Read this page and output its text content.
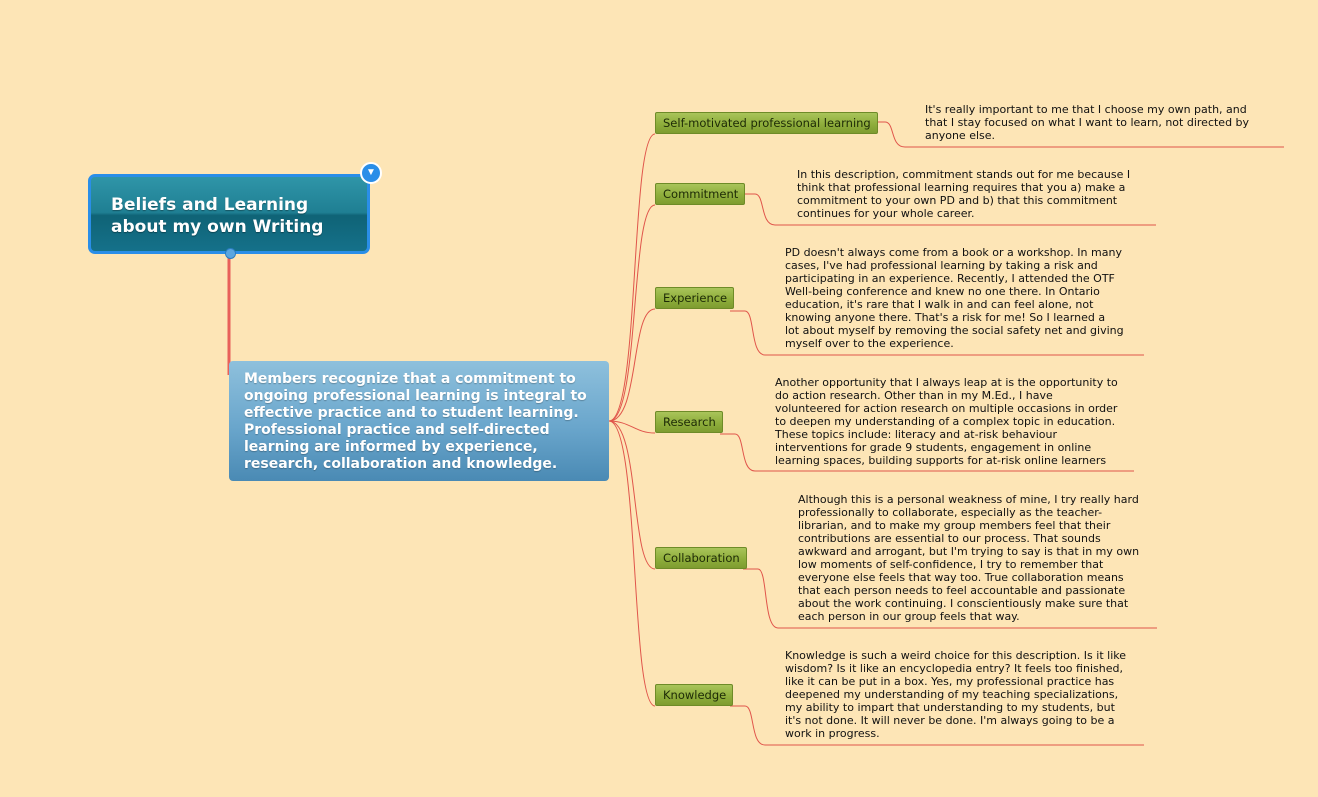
Beliefs and Learning about my own Writing
▼
Members recognize that a commitment to ongoing professional learning is integral to effective practice and to student learning. Professional practice and self-directed learning are informed by experience, research, collaboration and knowledge.
Self-motivated professional learning
Commitment
Experience
Research
Collaboration
Knowledge
It's really important to me that I choose my own path, and
that I stay focused on what I want to learn, not directed by
anyone else.
In this description, commitment stands out for me because I
think that professional learning requires that you a) make a
commitment to your own PD and b) that this commitment
continues for your whole career.
PD doesn't always come from a book or a workshop. In many
cases, I've had professional learning by taking a risk and
participating in an experience. Recently, I attended the OTF
Well-being conference and knew no one there. In Ontario
education, it's rare that I walk in and can feel alone, not
knowing anyone there. That's a risk for me! So I learned a
lot about myself by removing the social safety net and giving
myself over to the experience.
Another opportunity that I always leap at is the opportunity to
do action research. Other than in my M.Ed., I have
volunteered for action research on multiple occasions in order
to deepen my understanding of a complex topic in education.
These topics include: literacy and at-risk behaviour
interventions for grade 9 students, engagement in online
learning spaces, building supports for at-risk online learners
Although this is a personal weakness of mine, I try really hard
professionally to collaborate, especially as the teacher-
librarian, and to make my group members feel that their
contributions are essential to our process. That sounds
awkward and arrogant, but I'm trying to say is that in my own
low moments of self-confidence, I try to remember that
everyone else feels that way too. True collaboration means
that each person needs to feel accountable and passionate
about the work continuing. I conscientiously make sure that
each person in our group feels that way.
Knowledge is such a weird choice for this description. Is it like
wisdom? Is it like an encyclopedia entry? It feels too finished,
like it can be put in a box. Yes, my professional practice has
deepened my understanding of my teaching specializations,
my ability to impart that understanding to my students, but
it's not done. It will never be done. I'm always going to be a
work in progress.
